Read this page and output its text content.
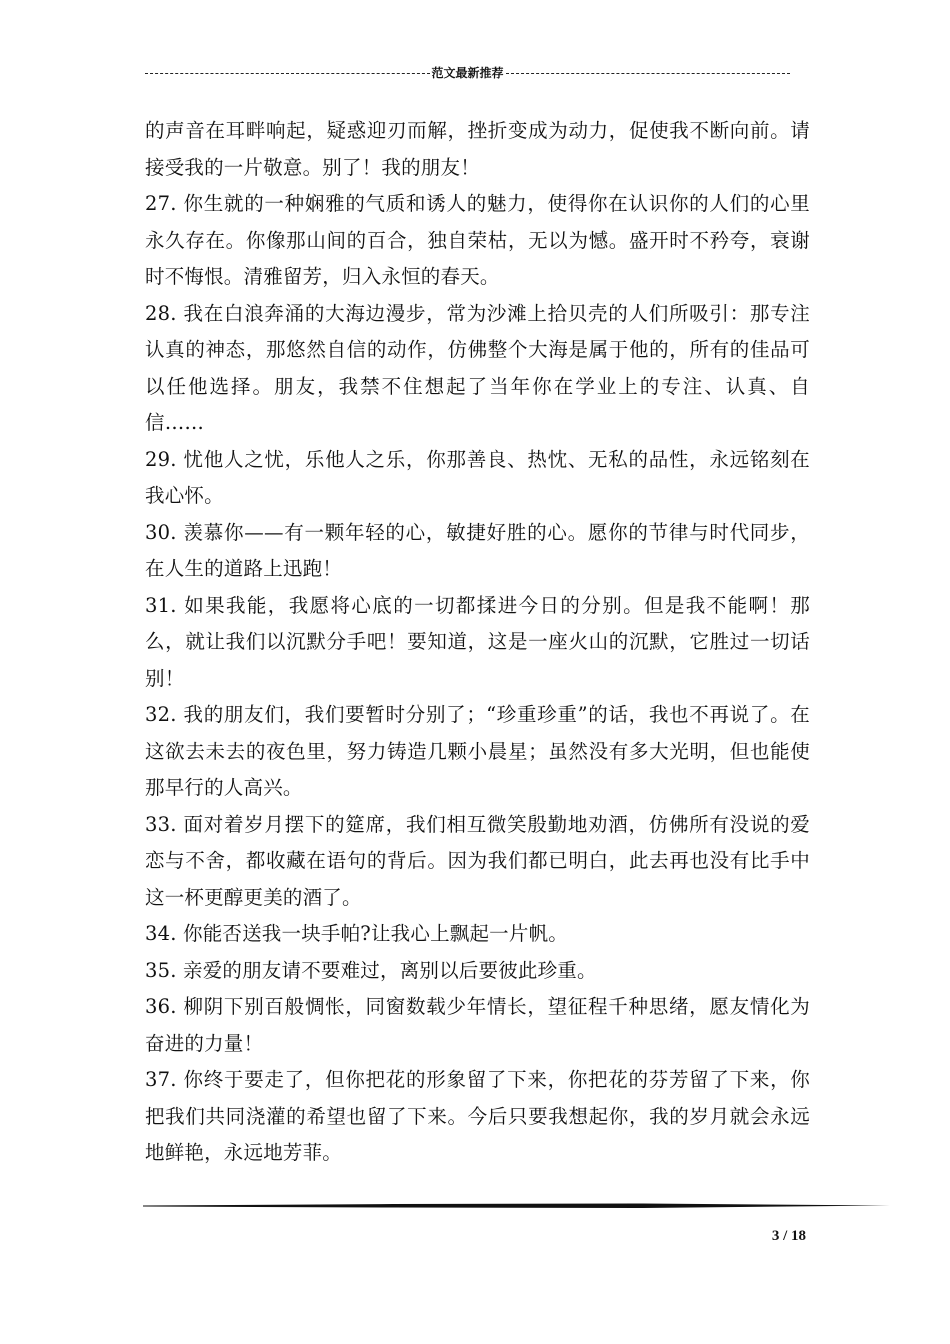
范文最新推荐

的声音在耳畔响起，疑惑迎刃而解，挫折变成为动力，促使我不断向前。请接受我的一片敬意。别了！我的朋友！

27. 你生就的一种娴雅的气质和诱人的魅力，使得你在认识你的人们的心里永久存在。你像那山间的百合，独自荣枯，无以为憾。盛开时不矜夸，衰谢时不悔恨。清雅留芳，归入永恒的春天。

28. 我在白浪奔涌的大海边漫步，常为沙滩上拾贝壳的人们所吸引：那专注认真的神态，那悠然自信的动作，仿佛整个大海是属于他的，所有的佳品可以任他选择。朋友，我禁不住想起了当年你在学业上的专注、认真、自信……

29. 忧他人之忧，乐他人之乐，你那善良、热忱、无私的品性，永远铭刻在我心怀。

30. 羡慕你——有一颗年轻的心，敏捷好胜的心。愿你的节律与时代同步，在人生的道路上迅跑！

31. 如果我能，我愿将心底的一切都揉进今日的分别。但是我不能啊！那么，就让我们以沉默分手吧！要知道，这是一座火山的沉默，它胜过一切话别！

32. 我的朋友们，我们要暂时分别了；“珍重珍重”的话，我也不再说了。在这欲去未去的夜色里，努力铸造几颗小晨星；虽然没有多大光明，但也能使那早行的人高兴。

33. 面对着岁月摆下的筵席，我们相互微笑殷勤地劝酒，仿佛所有没说的爱恋与不舍，都收藏在语句的背后。因为我们都已明白，此去再也没有比手中这一杯更醇更美的酒了。

34. 你能否送我一块手帕?让我心上飘起一片帆。

35. 亲爱的朋友请不要难过，离别以后要彼此珍重。

36. 柳阴下别百般惆怅，同窗数载少年情长，望征程千种思绪，愿友情化为奋进的力量！

37. 你终于要走了，但你把花的形象留了下来，你把花的芬芳留了下来，你把我们共同浇灌的希望也留了下来。今后只要我想起你，我的岁月就会永远地鲜艳，永远地芳菲。

3 / 18
